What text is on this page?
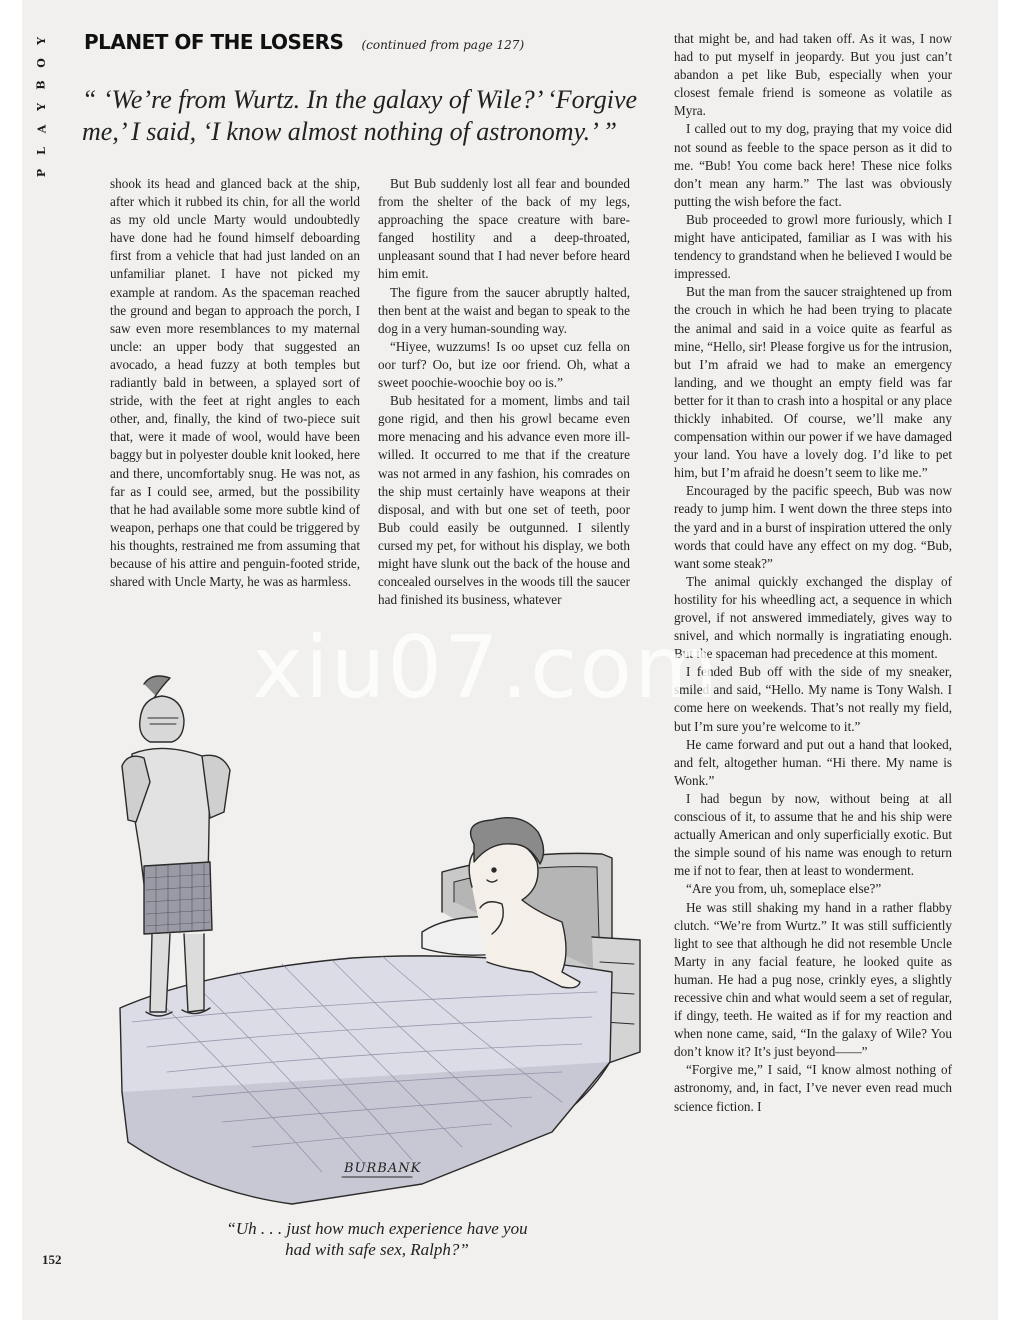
Y
O
B
Y
A
L
P
PLANET OF THE LOSERS (continued from page 127)
“ ‘We’re from Wurtz. In the galaxy of Wile?’ ‘Forgive me,’ I said, ‘I know almost nothing of astronomy.’ ”

shook its head and glanced back at the ship, after which it rubbed its chin, for all the world as my old uncle Marty would undoubtedly have done had he found himself deboarding first from a vehicle that had just landed on an unfamiliar planet. I have not picked my example at random. As the spaceman reached the ground and began to approach the porch, I saw even more resemblances to my maternal uncle: an upper body that suggested an avocado, a head fuzzy at both temples but radiantly bald in between, a splayed sort of stride, with the feet at right angles to each other, and, finally, the kind of two-piece suit that, were it made of wool, would have been baggy but in polyester double knit looked, here and there, uncomfortably snug. He was not, as far as I could see, armed, but the possibility that he had available some more subtle kind of weapon, perhaps one that could be triggered by his thoughts, restrained me from assuming that because of his attire and penguin-footed stride, shared with Uncle Marty, he was as harmless.

But Bub suddenly lost all fear and bounded from the shelter of the back of my legs, approaching the space creature with bare-fanged hostility and a deep-throated, unpleasant sound that I had never before heard him emit.

The figure from the saucer abruptly halted, then bent at the waist and began to speak to the dog in a very human-sounding way.

“Hiyee, wuzzums! Is oo upset cuz fella on oor turf? Oo, but ize oor friend. Oh, what a sweet poochie-woochie boy oo is.”

Bub hesitated for a moment, limbs and tail gone rigid, and then his growl became even more menacing and his advance even more ill-willed. It occurred to me that if the creature was not armed in any fashion, his comrades on the ship must certainly have weapons at their disposal, and with but one set of teeth, poor Bub could easily be outgunned. I silently cursed my pet, for without his display, we both might have slunk out the back of the house and concealed ourselves in the woods till the saucer had finished its business, whatever

that might be, and had taken off. As it was, I now had to put myself in jeopardy. But you just can’t abandon a pet like Bub, especially when your closest female friend is someone as volatile as Myra.

I called out to my dog, praying that my voice did not sound as feeble to the space person as it did to me. “Bub! You come back here! These nice folks don’t mean any harm.” The last was obviously putting the wish before the fact.

Bub proceeded to growl more furiously, which I might have anticipated, familiar as I was with his tendency to grandstand when he believed I would be impressed.

But the man from the saucer straightened up from the crouch in which he had been trying to placate the animal and said in a voice quite as fearful as mine, “Hello, sir! Please forgive us for the intrusion, but I’m afraid we had to make an emergency landing, and we thought an empty field was far better for it than to crash into a hospital or any place thickly inhabited. Of course, we’ll make any compensation within our power if we have damaged your land. You have a lovely dog. I’d like to pet him, but I’m afraid he doesn’t seem to like me.”

Encouraged by the pacific speech, Bub was now ready to jump him. I went down the three steps into the yard and in a burst of inspiration uttered the only words that could have any effect on my dog. “Bub, want some steak?”

The animal quickly exchanged the display of hostility for his wheedling act, a sequence in which grovel, if not answered immediately, gives way to snivel, and which normally is ingratiating enough. But the spaceman had precedence at this moment.

I fended Bub off with the side of my sneaker, smiled and said, “Hello. My name is Tony Walsh. I come here on weekends. That’s not really my field, but I’m sure you’re welcome to it.”

He came forward and put out a hand that looked, and felt, altogether human. “Hi there. My name is Wonk.”

I had begun by now, without being at all conscious of it, to assume that he and his ship were actually American and only superficially exotic. But the simple sound of his name was enough to return me if not to fear, then at least to wonderment.

“Are you from, uh, someplace else?”

He was still shaking my hand in a rather flabby clutch. “We’re from Wurtz.” It was still sufficiently light to see that although he did not resemble Uncle Marty in any facial feature, he looked quite as human. He had a pug nose, crinkly eyes, a slightly recessive chin and what would seem a set of regular, if dingy, teeth. He waited as if for my reaction and when none came, said, “In the galaxy of Wile? You don’t know it? It’s just beyond——”

“Forgive me,” I said, “I know almost nothing of astronomy, and, in fact, I’ve never even read much science fiction. I

BURBANK
“Uh . . . just how much experience have you
had with safe sex, Ralph?”
152
xiu07.com
